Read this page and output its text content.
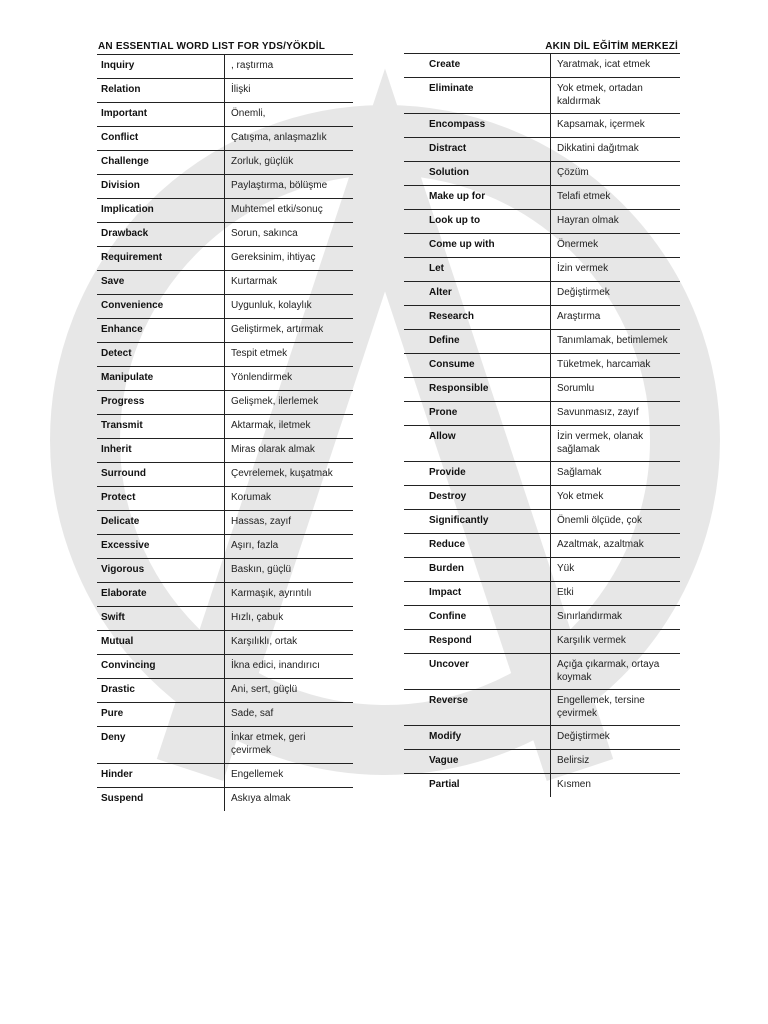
AN ESSENTIAL WORD LIST FOR YDS/YÖKDİL	AKIN DİL EĞİTİM MERKEZİ
Inquiry	, raştırma
Relation	İlişki
Important	Önemli,
Conflict	Çatışma, anlaşmazlık
Challenge	Zorluk, güçlük
Division	Paylaştırma, bölüşme
Implication	Muhtemel etki/sonuç
Drawback	Sorun, sakınca
Requirement	Gereksinim, ihtiyaç
Save	Kurtarmak
Convenience	Uygunluk, kolaylık
Enhance	Geliştirmek, artırmak
Detect	Tespit etmek
Manipulate	Yönlendirmek
Progress	Gelişmek, ilerlemek
Transmit	Aktarmak, iletmek
Inherit	Miras olarak almak
Surround	Çevrelemek, kuşatmak
Protect	Korumak
Delicate	Hassas, zayıf
Excessive	Aşırı, fazla
Vigorous	Baskın, güçlü
Elaborate	Karmaşık, ayrıntılı
Swift	Hızlı, çabuk
Mutual	Karşılıklı, ortak
Convincing	İkna edici, inandırıcı
Drastic	Ani, sert, güçlü
Pure	Sade, saf
Deny	İnkar etmek, geri çevirmek
Hinder	Engellemek
Suspend	Askıya almak
Create	Yaratmak, icat etmek
Eliminate	Yok etmek, ortadan kaldırmak
Encompass	Kapsamak, içermek
Distract	Dikkatini dağıtmak
Solution	Çözüm
Make up for	Telafi etmek
Look up to	Hayran olmak
Come up with	Önermek
Let	İzin vermek
Alter	Değiştirmek
Research	Araştırma
Define	Tanımlamak, betimlemek
Consume	Tüketmek, harcamak
Responsible	Sorumlu
Prone	Savunmasız, zayıf
Allow	İzin vermek, olanak sağlamak
Provide	Sağlamak
Destroy	Yok etmek
Significantly	Önemli ölçüde, çok
Reduce	Azaltmak, azaltmak
Burden	Yük
Impact	Etki
Confine	Sınırlandırmak
Respond	Karşılık vermek
Uncover	Açığa çıkarmak, ortaya koymak
Reverse	Engellemek, tersine çevirmek
Modify	Değiştirmek
Vague	Belirsiz
Partial	Kısmen
